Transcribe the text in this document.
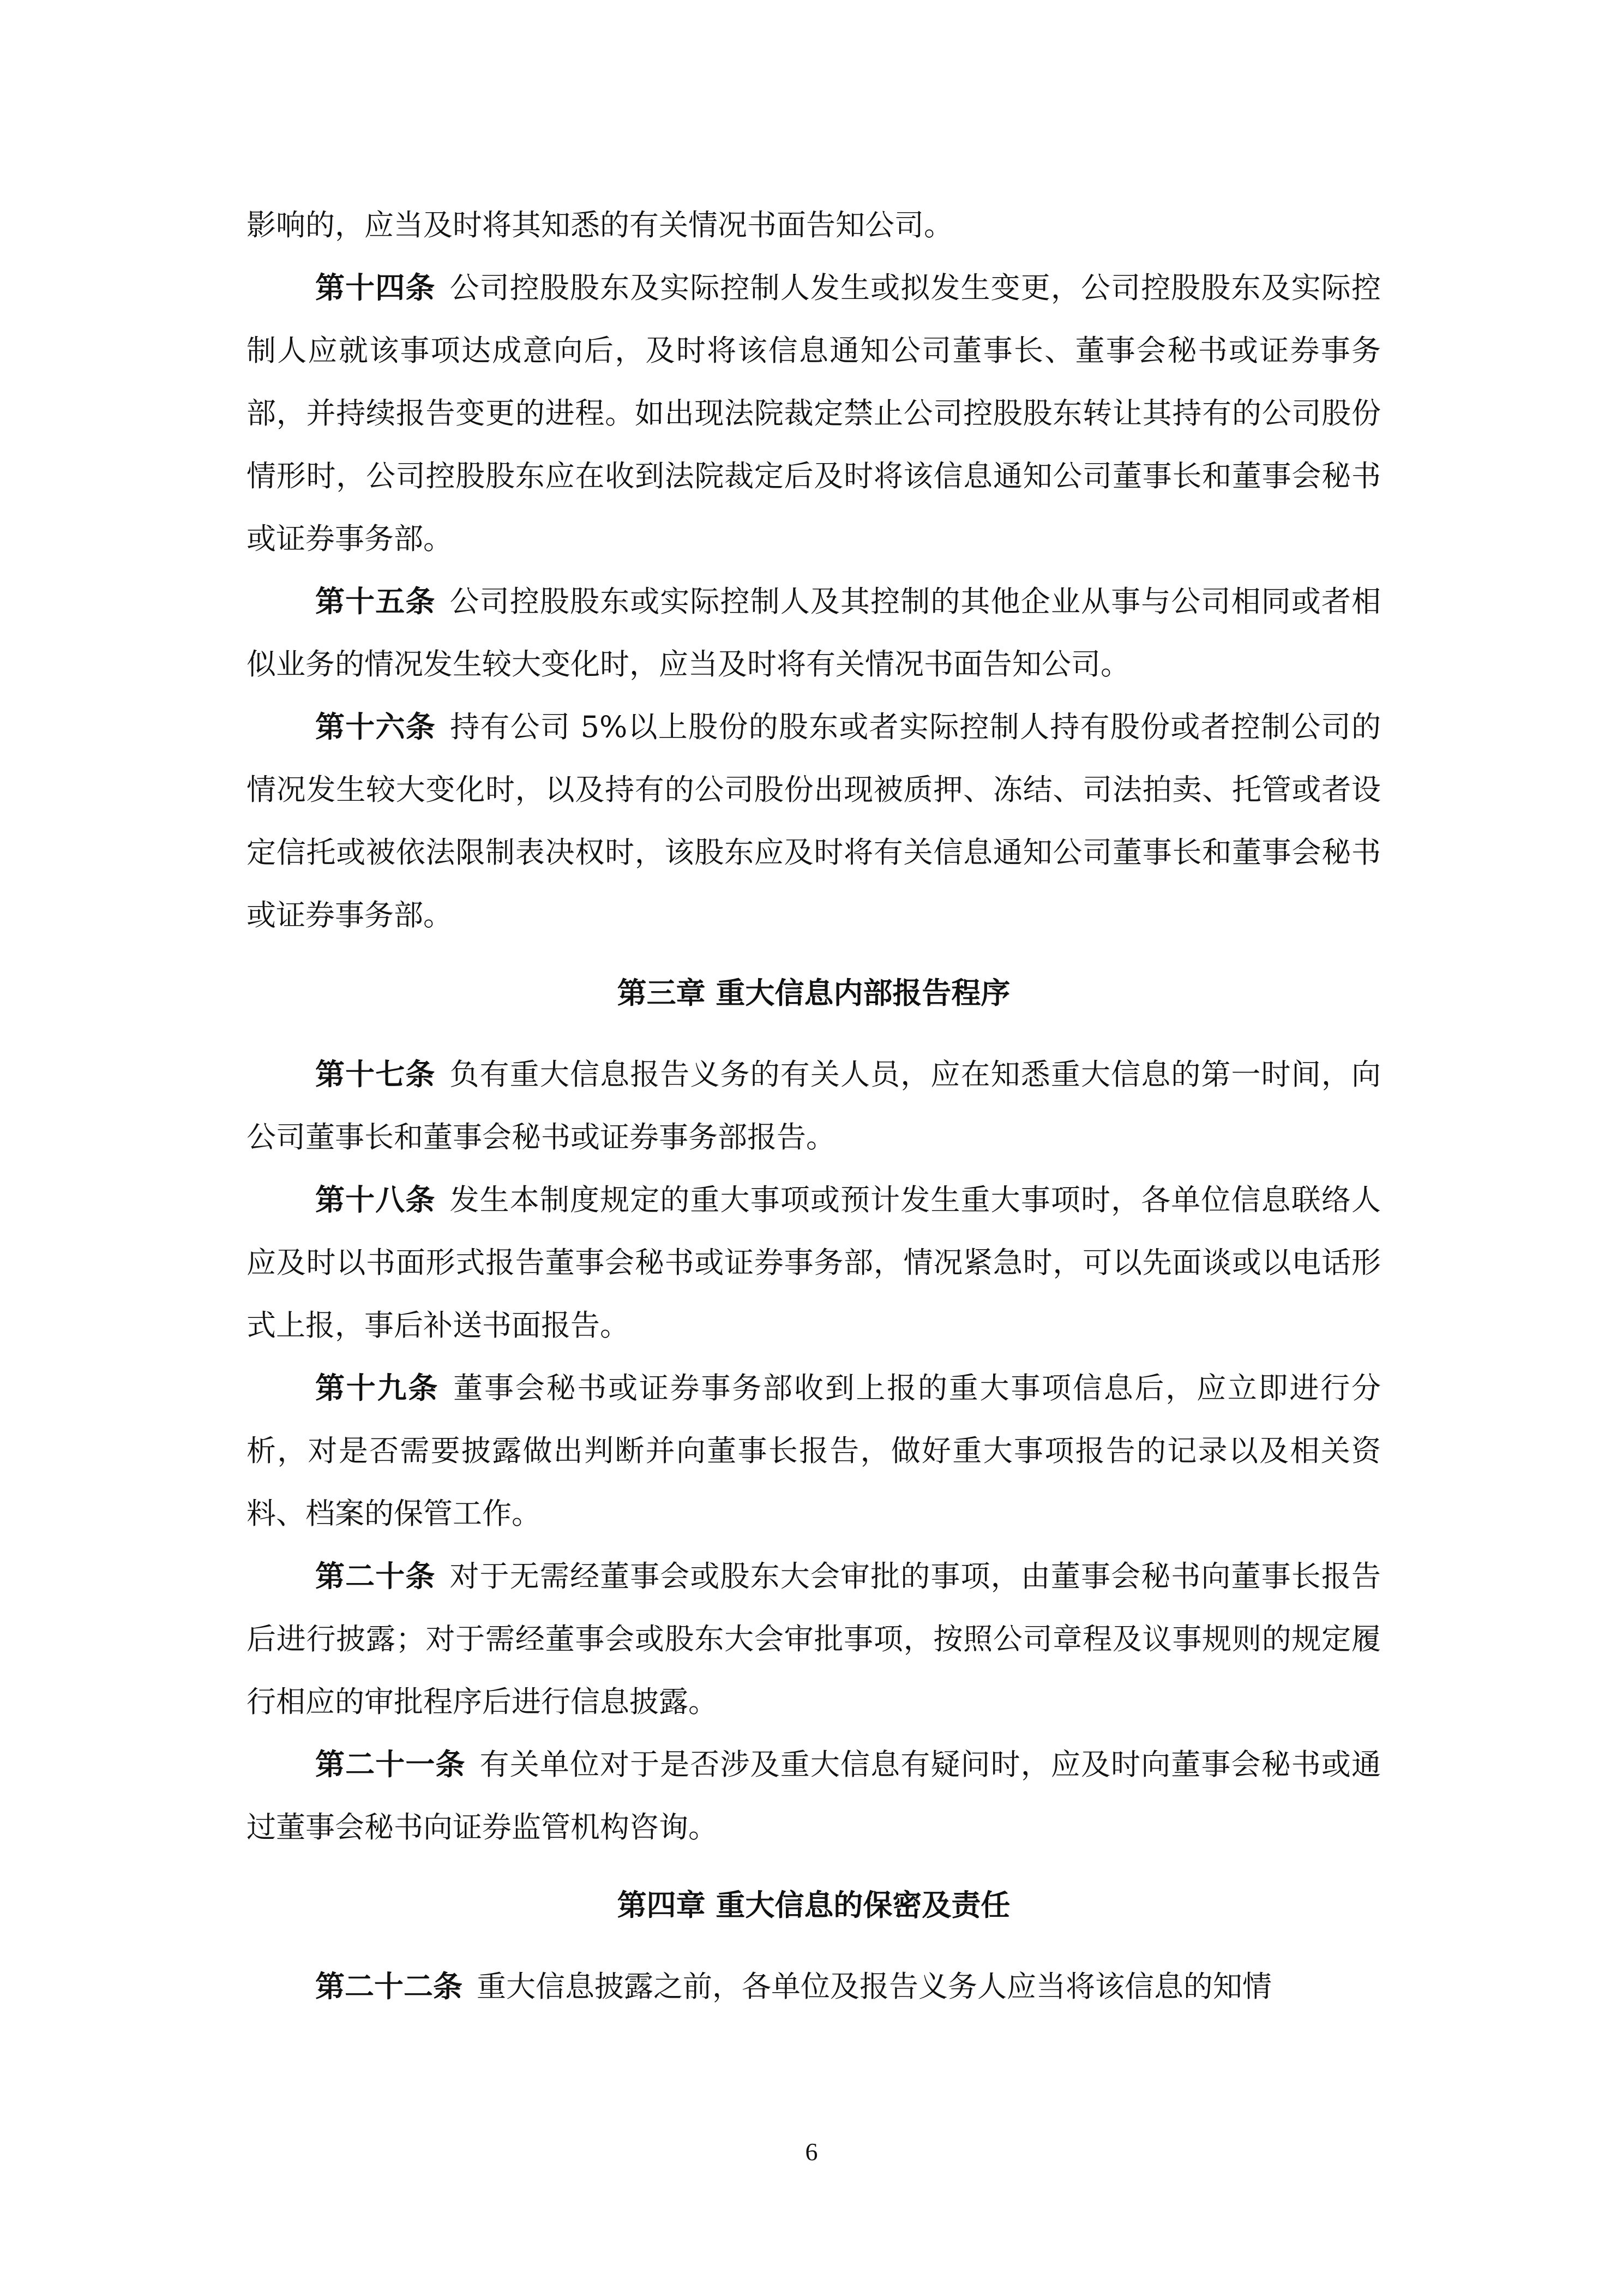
影响的，应当及时将其知悉的有关情况书面告知公司。

第十四条 公司控股股东及实际控制人发生或拟发生变更，公司控股股东及实际控制人应就该事项达成意向后，及时将该信息通知公司董事长、董事会秘书或证券事务部，并持续报告变更的进程。如出现法院裁定禁止公司控股股东转让其持有的公司股份情形时，公司控股股东应在收到法院裁定后及时将该信息通知公司董事长和董事会秘书或证券事务部。

第十五条 公司控股股东或实际控制人及其控制的其他企业从事与公司相同或者相似业务的情况发生较大变化时，应当及时将有关情况书面告知公司。

第十六条 持有公司 5%以上股份的股东或者实际控制人持有股份或者控制公司的情况发生较大变化时，以及持有的公司股份出现被质押、冻结、司法拍卖、托管或者设定信托或被依法限制表决权时，该股东应及时将有关信息通知公司董事长和董事会秘书或证券事务部。

第三章 重大信息内部报告程序

第十七条 负有重大信息报告义务的有关人员，应在知悉重大信息的第一时间，向公司董事长和董事会秘书或证券事务部报告。

第十八条 发生本制度规定的重大事项或预计发生重大事项时，各单位信息联络人应及时以书面形式报告董事会秘书或证券事务部，情况紧急时，可以先面谈或以电话形式上报，事后补送书面报告。

第十九条 董事会秘书或证券事务部收到上报的重大事项信息后，应立即进行分析，对是否需要披露做出判断并向董事长报告，做好重大事项报告的记录以及相关资料、档案的保管工作。

第二十条 对于无需经董事会或股东大会审批的事项，由董事会秘书向董事长报告后进行披露；对于需经董事会或股东大会审批事项，按照公司章程及议事规则的规定履行相应的审批程序后进行信息披露。

第二十一条 有关单位对于是否涉及重大信息有疑问时，应及时向董事会秘书或通过董事会秘书向证券监管机构咨询。

第四章 重大信息的保密及责任

第二十二条 重大信息披露之前，各单位及报告义务人应当将该信息的知情

6
